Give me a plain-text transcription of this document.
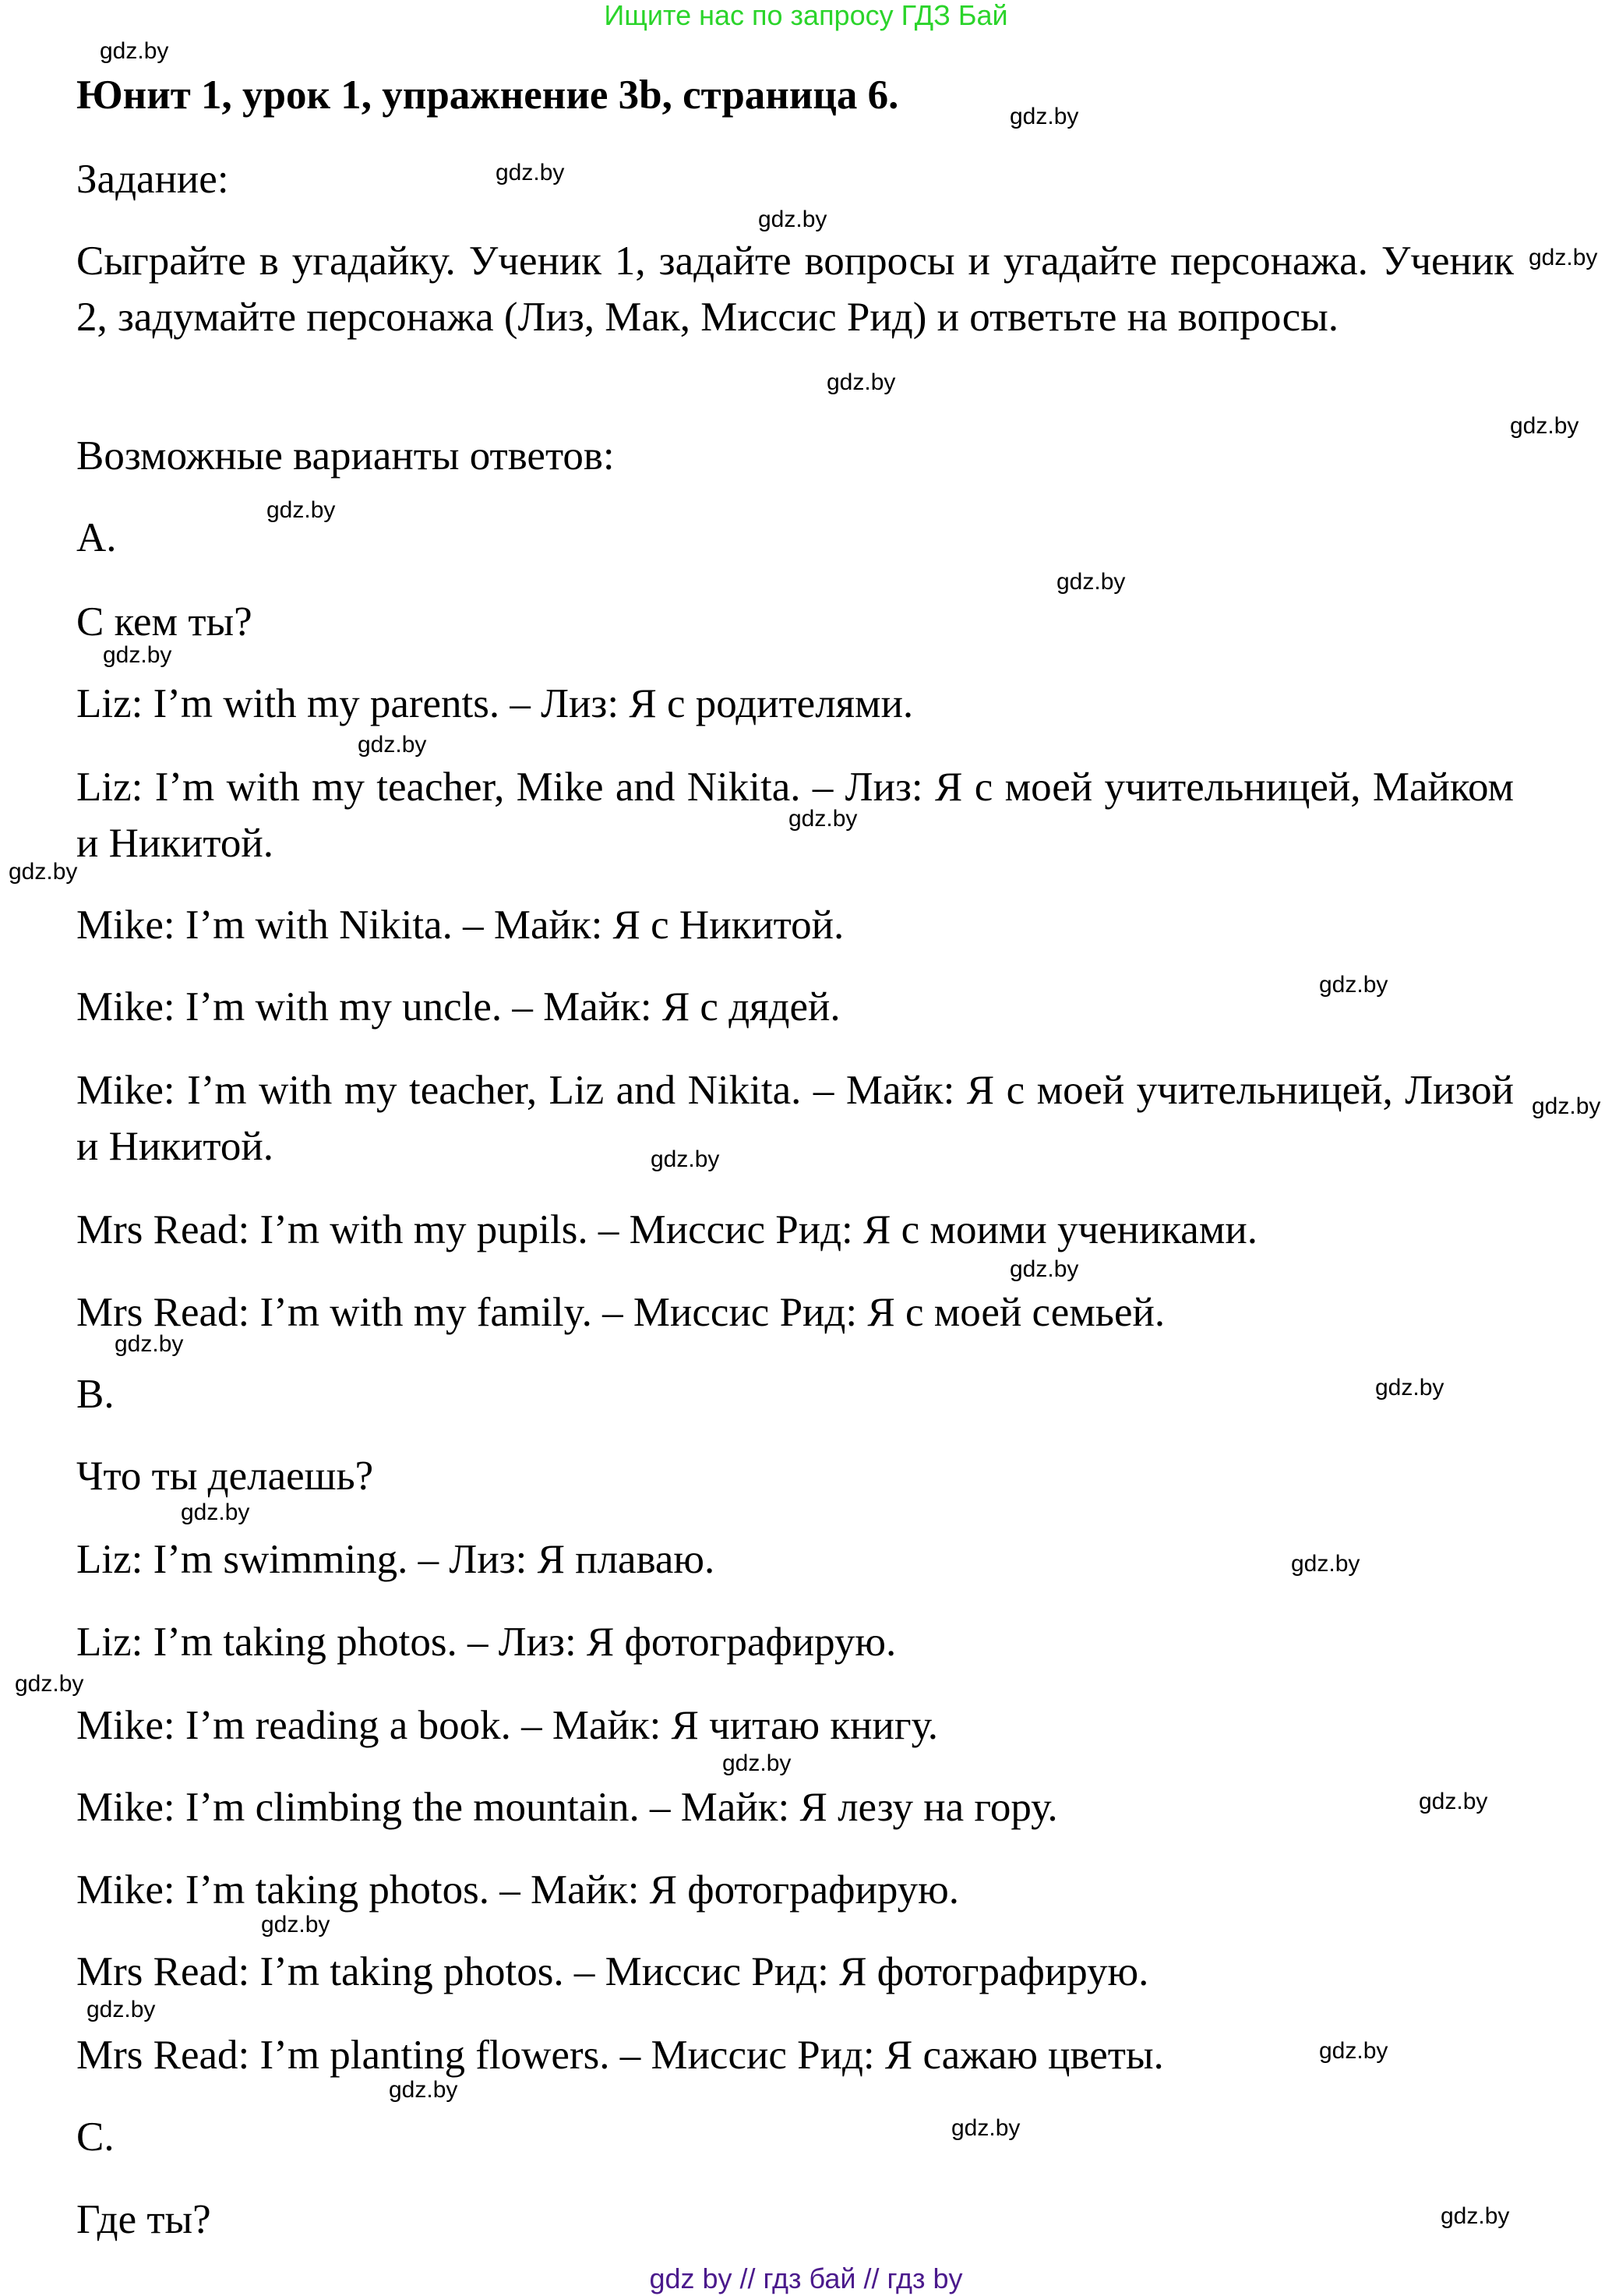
Ищите нас по запросу ГДЗ Бай
Юнит 1, урок 1, упражнение 3b, страница 6.
Задание:
Сыграйте в угадайку. Ученик 1, задайте вопросы и угадайте персонажа. Ученик 2, задумайте персонажа (Лиз, Мак, Миссис Рид) и ответьте на вопросы.
Возможные варианты ответов:
A.
С кем ты?
Liz: I’m with my parents. – Лиз: Я с родителями.
Liz: I’m with my teacher, Mike and Nikita. – Лиз: Я с моей учительницей, Майком и Никитой.
Mike: I’m with Nikita. – Майк: Я с Никитой.
Mike: I’m with my uncle. – Майк: Я с дядей.
Mike: I’m with my teacher, Liz and Nikita. – Майк: Я с моей учительницей, Лизой и Никитой.
Mrs Read: I’m with my pupils. – Миссис Рид: Я с моими учениками.
Mrs Read: I’m with my family. – Миссис Рид: Я с моей семьей.
B.
Что ты делаешь?
Liz: I’m swimming. – Лиз: Я плаваю.
Liz: I’m taking photos. – Лиз: Я фотографирую.
Mike: I’m reading a book. – Майк: Я читаю книгу.
Mike: I’m climbing the mountain. – Майк: Я лезу на гору.
Mike: I’m taking photos. – Майк: Я фотографирую.
Mrs Read: I’m taking photos. – Миссис Рид: Я фотографирую.
Mrs Read: I’m planting flowers. – Миссис Рид: Я сажаю цветы.
C.
Где ты?
gdz.by
gdz.by
gdz.by
gdz.by
gdz.by
gdz.by
gdz.by
gdz.by
gdz.by
gdz.by
gdz.by
gdz.by
gdz.by
gdz.by
gdz.by
gdz.by
gdz.by
gdz.by
gdz.by
gdz.by
gdz.by
gdz.by
gdz.by
gdz.by
gdz.by
gdz.by
gdz.by
gdz.by
gdz.by
gdz.by
gdz by // гдз бай // гдз by
